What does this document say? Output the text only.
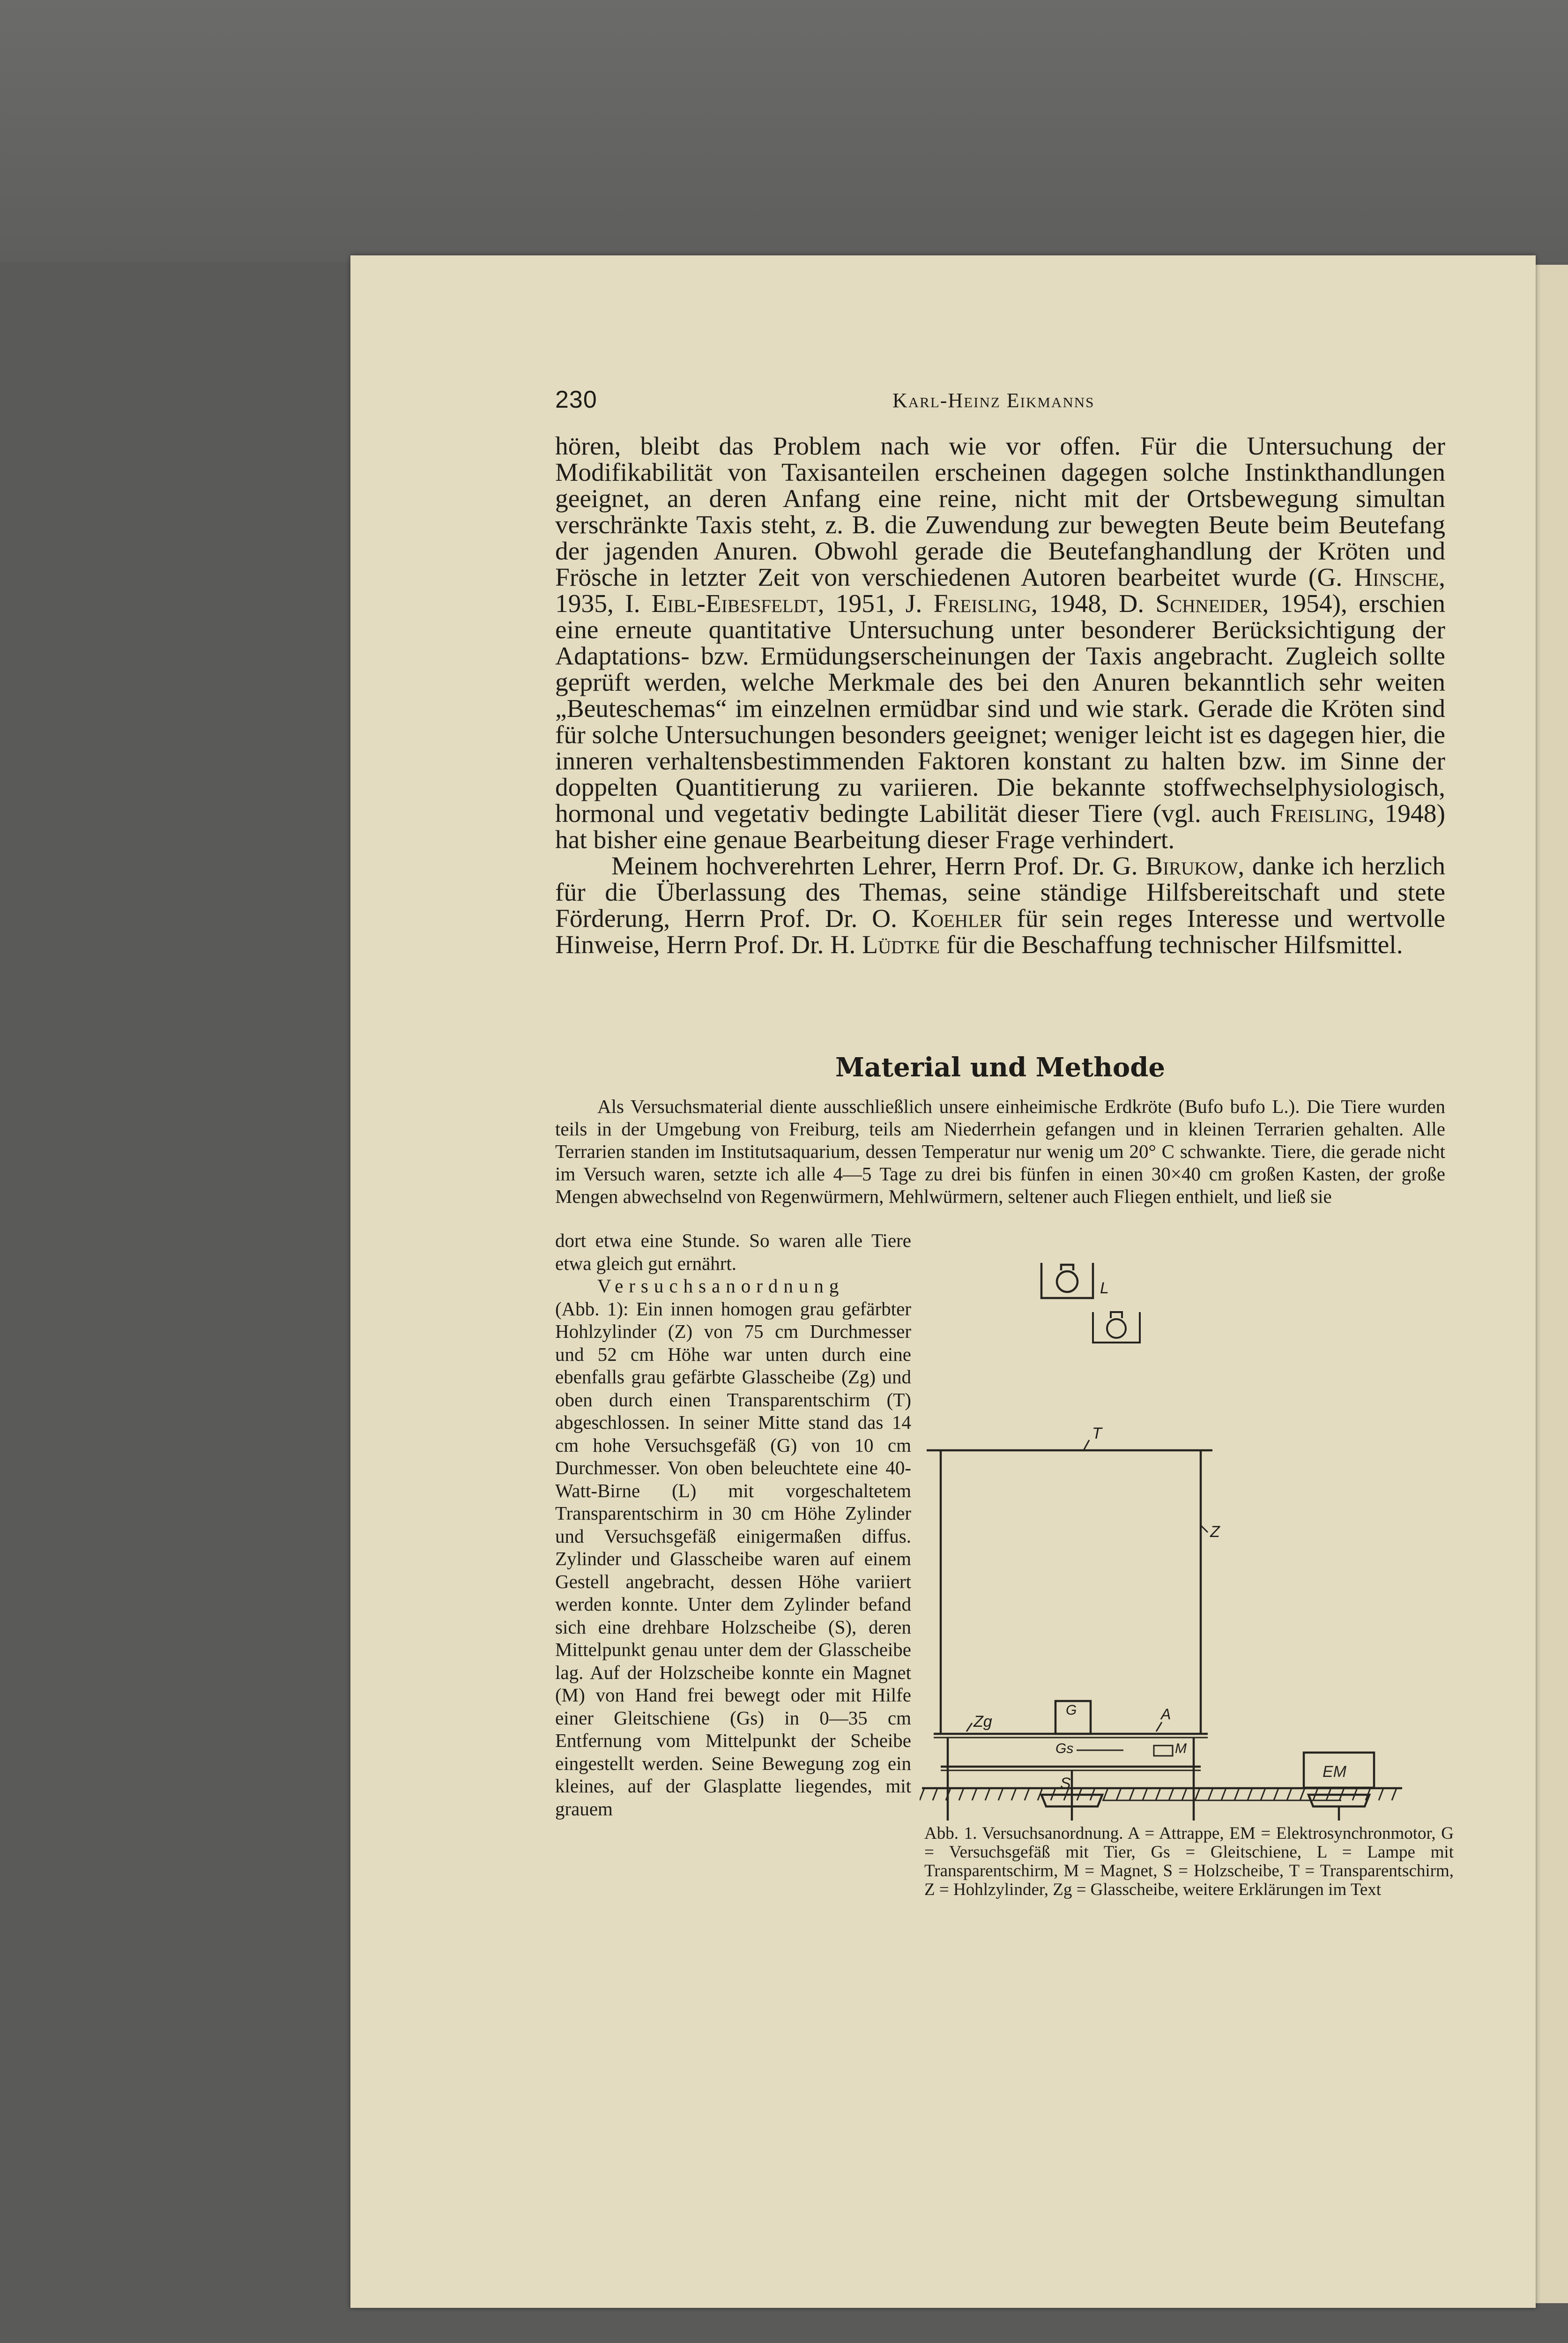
230	Karl-Heinz Eikmanns

hören, bleibt das Problem nach wie vor offen. Für die Untersuchung der Modifikabilität von Taxisanteilen erscheinen dagegen solche Instinkthandlungen geeignet, an deren Anfang eine reine, nicht mit der Ortsbewegung simultan verschränkte Taxis steht, z. B. die Zuwendung zur bewegten Beute beim Beutefang der jagenden Anuren. Obwohl gerade die Beutefanghandlung der Kröten und Frösche in letzter Zeit von verschiedenen Autoren bearbeitet wurde (G. Hinsche, 1935, I. Eibl-Eibesfeldt, 1951, J. Freisling, 1948, D. Schneider, 1954), erschien eine erneute quantitative Untersuchung unter besonderer Berücksichtigung der Adaptations- bzw. Ermüdungserscheinungen der Taxis angebracht. Zugleich sollte geprüft werden, welche Merkmale des bei den Anuren bekanntlich sehr weiten „Beuteschemas“ im einzelnen ermüdbar sind und wie stark. Gerade die Kröten sind für solche Untersuchungen besonders geeignet; weniger leicht ist es dagegen hier, die inneren verhaltensbestimmenden Faktoren konstant zu halten bzw. im Sinne der doppelten Quantitierung zu variieren. Die bekannte stoffwechselphysiologisch, hormonal und vegetativ bedingte Labilität dieser Tiere (vgl. auch Freisling, 1948) hat bisher eine genaue Bearbeitung dieser Frage verhindert.

Meinem hochverehrten Lehrer, Herrn Prof. Dr. G. Birukow, danke ich herzlich für die Überlassung des Themas, seine ständige Hilfsbereitschaft und stete Förderung, Herrn Prof. Dr. O. Koehler für sein reges Interesse und wertvolle Hinweise, Herrn Prof. Dr. H. Lüdtke für die Beschaffung technischer Hilfsmittel.

Material und Methode

Als Versuchsmaterial diente ausschließlich unsere einheimische Erdkröte (Bufo bufo L.). Die Tiere wurden teils in der Umgebung von Freiburg, teils am Niederrhein gefangen und in kleinen Terrarien gehalten. Alle Terrarien standen im Institutsaquarium, dessen Temperatur nur wenig um 20° C schwankte. Tiere, die gerade nicht im Versuch waren, setzte ich alle 4—5 Tage zu drei bis fünfen in einen 30×40 cm großen Kasten, der große Mengen abwechselnd von Regenwürmern, Mehlwürmern, seltener auch Fliegen enthielt, und ließ sie

dort etwa eine Stunde. So waren alle Tiere etwa gleich gut ernährt.

Versuchsanordnung

(Abb. 1): Ein innen homogen grau gefärbter Hohlzylinder (Z) von 75 cm Durchmesser und 52 cm Höhe war unten durch eine ebenfalls grau gefärbte Glasscheibe (Zg) und oben durch einen Transparentschirm (T) abgeschlossen. In seiner Mitte stand das 14 cm hohe Versuchsgefäß (G) von 10 cm Durchmesser. Von oben beleuchtete eine 40-Watt-Birne (L) mit vorgeschaltetem Transparentschirm in 30 cm Höhe Zylinder und Versuchsgefäß einigermaßen diffus. Zylinder und Glasscheibe waren auf einem Gestell angebracht, dessen Höhe variiert werden konnte. Unter dem Zylinder befand sich eine drehbare Holzscheibe (S), deren Mittelpunkt genau unter dem der Glasscheibe lag. Auf der Holzscheibe konnte ein Magnet (M) von Hand frei bewegt oder mit Hilfe einer Gleitschiene (Gs) in 0—35 cm Entfernung vom Mittelpunkt der Scheibe eingestellt werden. Seine Bewegung zog ein kleines, auf der Glasplatte liegendes, mit grauem

L
T
Z
G
Zg	A
Gs	M
S
EM
Abb. 1. Versuchsanordnung. A = Attrappe, EM = Elektrosynchronmotor, G = Versuchsgefäß mit Tier, Gs = Gleitschiene, L = Lampe mit Transparentschirm, M = Magnet, S = Holzscheibe, T = Transparentschirm, Z = Hohlzylinder, Zg = Glasscheibe, weitere Erklärungen im Text
